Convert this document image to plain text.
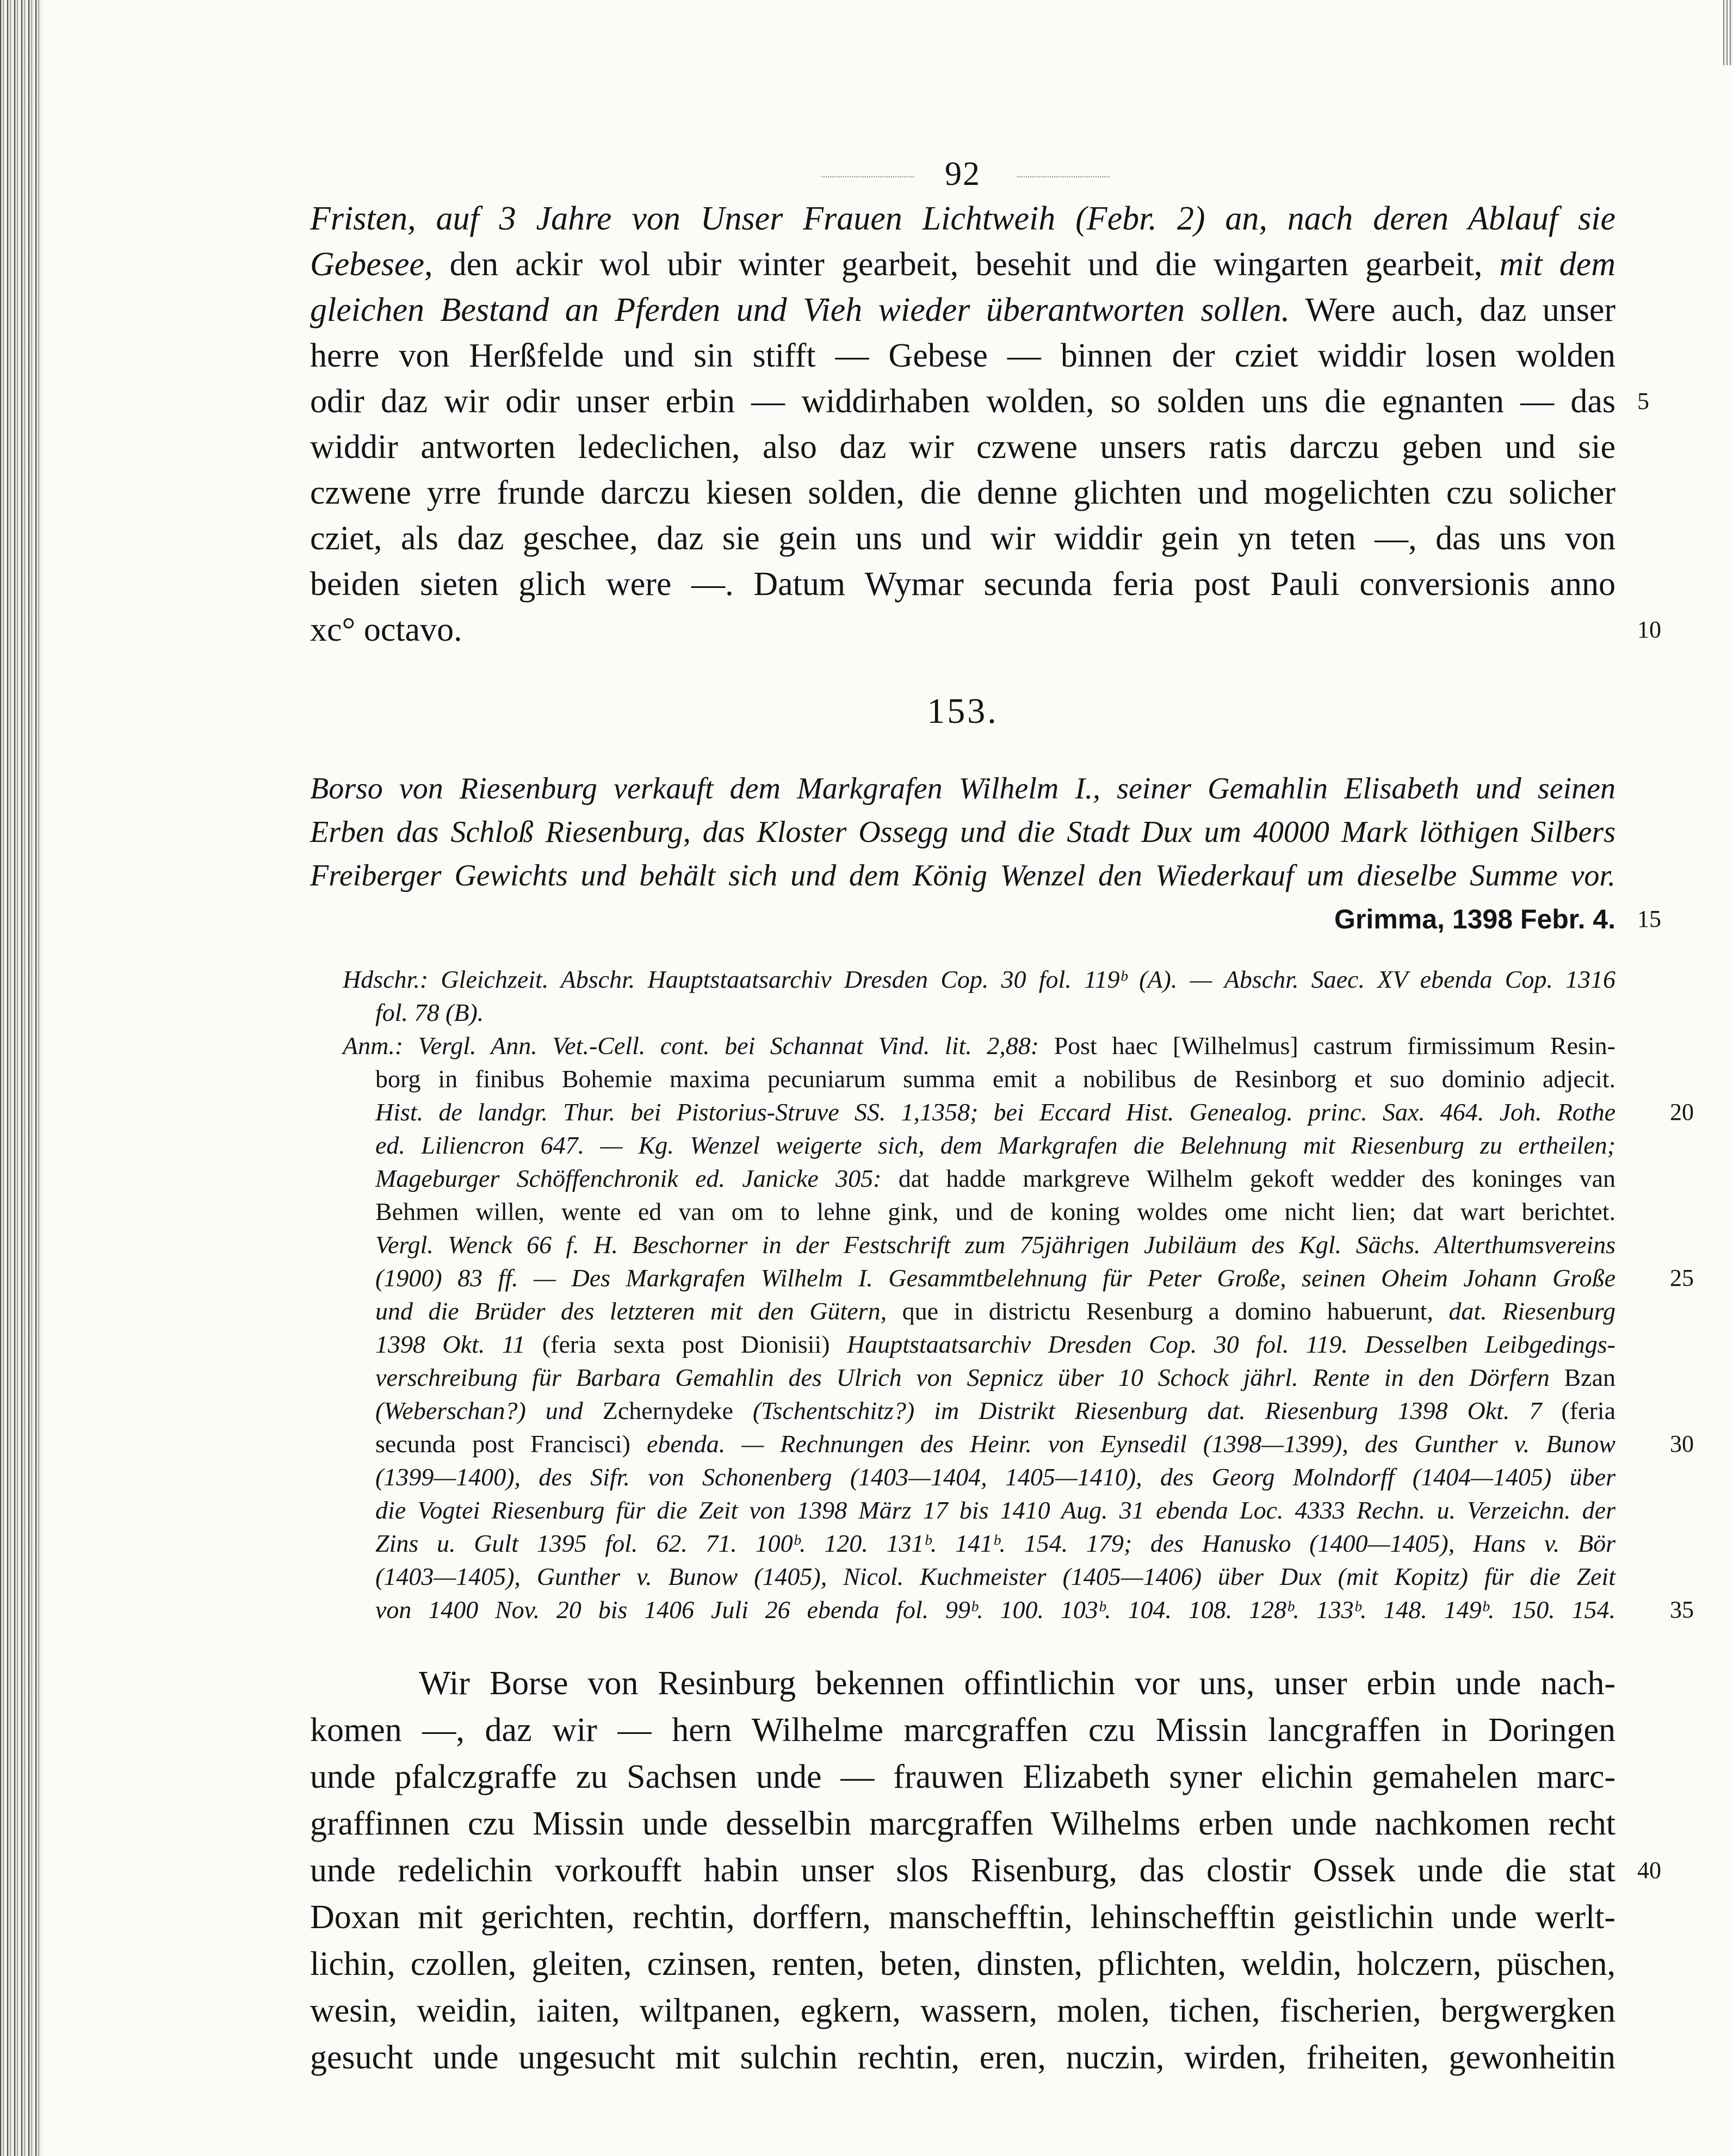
92
Fristen, auf 3 Jahre von Unser Frauen Lichtweih (Febr. 2) an, nach deren Ablauf sie
Gebesee, den ackir wol ubir winter gearbeit, besehit und die wingarten gearbeit, mit dem
gleichen Bestand an Pferden und Vieh wieder überantworten sollen. Were auch, daz unser
herre von Herßfelde und sin stifft — Gebese — binnen der cziet widdir losen wolden
odir daz wir odir unser erbin — widdirhaben wolden, so solden uns die egnanten — das 5
widdir antworten ledeclichen, also daz wir czwene unsers ratis darczu geben und sie
czwene yrre frunde darczu kiesen solden, die denne glichten und mogelichten czu solicher
cziet, als daz geschee, daz sie gein uns und wir widdir gein yn teten —, das uns von
beiden sieten glich were —. Datum Wymar secunda feria post Pauli conversionis anno
xc° octavo.	10
153.
Borso von Riesenburg verkauft dem Markgrafen Wilhelm I., seiner Gemahlin Elisabeth und seinen
Erben das Schloß Riesenburg, das Kloster Ossegg und die Stadt Dux um 40000 Mark löthigen Silbers
Freiberger Gewichts und behält sich und dem König Wenzel den Wiederkauf um dieselbe Summe vor.
Grimma, 1398 Febr. 4. 15
Hdschr.: Gleichzeit. Abschr. Hauptstaatsarchiv Dresden Cop. 30 fol. 119ᵇ (A). — Abschr. Saec. XV ebenda Cop. 1316
fol. 78 (B).
Anm.: Vergl. Ann. Vet.-Cell. cont. bei Schannat Vind. lit. 2,88: Post haec [Wilhelmus] castrum firmissimum Resin-
borg in finibus Bohemie maxima pecuniarum summa emit a nobilibus de Resinborg et suo dominio adjecit.
Hist. de landgr. Thur. bei Pistorius-Struve SS. 1,1358; bei Eccard Hist. Genealog. princ. Sax. 464. Joh. Rothe 20
ed. Liliencron 647. — Kg. Wenzel weigerte sich, dem Markgrafen die Belehnung mit Riesenburg zu ertheilen;
Mageburger Schöffenchronik ed. Janicke 305: dat hadde markgreve Wilhelm gekoft wedder des koninges van
Behmen willen, wente ed van om to lehne gink, und de koning woldes ome nicht lien; dat wart berichtet.
Vergl. Wenck 66 f. H. Beschorner in der Festschrift zum 75jährigen Jubiläum des Kgl. Sächs. Alterthumsvereins
(1900) 83 ff. — Des Markgrafen Wilhelm I. Gesammtbelehnung für Peter Große, seinen Oheim Johann Große 25
und die Brüder des letzteren mit den Gütern, que in districtu Resenburg a domino habuerunt, dat. Riesenburg
1398 Okt. 11 (feria sexta post Dionisii) Hauptstaatsarchiv Dresden Cop. 30 fol. 119. Desselben Leibgedings-
verschreibung für Barbara Gemahlin des Ulrich von Sepnicz über 10 Schock jährl. Rente in den Dörfern Bzan
(Weberschan?) und Zchernydeke (Tschentschitz?) im Distrikt Riesenburg dat. Riesenburg 1398 Okt. 7 (feria
secunda post Francisci) ebenda. — Rechnungen des Heinr. von Eynsedil (1398—1399), des Gunther v. Bunow 30
(1399—1400), des Sifr. von Schonenberg (1403—1404, 1405—1410), des Georg Molndorff (1404—1405) über
die Vogtei Riesenburg für die Zeit von 1398 März 17 bis 1410 Aug. 31 ebenda Loc. 4333 Rechn. u. Verzeichn. der
Zins u. Gult 1395 fol. 62. 71. 100ᵇ. 120. 131ᵇ. 141ᵇ. 154. 179; des Hanusko (1400—1405), Hans v. Bör
(1403—1405), Gunther v. Bunow (1405), Nicol. Kuchmeister (1405—1406) über Dux (mit Kopitz) für die Zeit
von 1400 Nov. 20 bis 1406 Juli 26 ebenda fol. 99ᵇ. 100. 103ᵇ. 104. 108. 128ᵇ. 133ᵇ. 148. 149ᵇ. 150. 154. 35
Wir Borse von Resinburg bekennen offintlichin vor uns, unser erbin unde nach-
komen —, daz wir — hern Wilhelme marcgraffen czu Missin lancgraffen in Doringen
unde pfalczgraffe zu Sachsen unde — frauwen Elizabeth syner elichin gemahelen marc-
graffinnen czu Missin unde desselbin marcgraffen Wilhelms erben unde nachkomen recht
unde redelichin vorkoufft habin unser slos Risenburg, das clostir Ossek unde die stat 40
Doxan mit gerichten, rechtin, dorffern, manschefftin, lehinschefftin geistlichin unde werlt-
lichin, czollen, gleiten, czinsen, renten, beten, dinsten, pflichten, weldin, holczern, püschen,
wesin, weidin, iaiten, wiltpanen, egkern, wassern, molen, tichen, fischerien, bergwergken
gesucht unde ungesucht mit sulchin rechtin, eren, nuczin, wirden, friheiten, gewonheitin
